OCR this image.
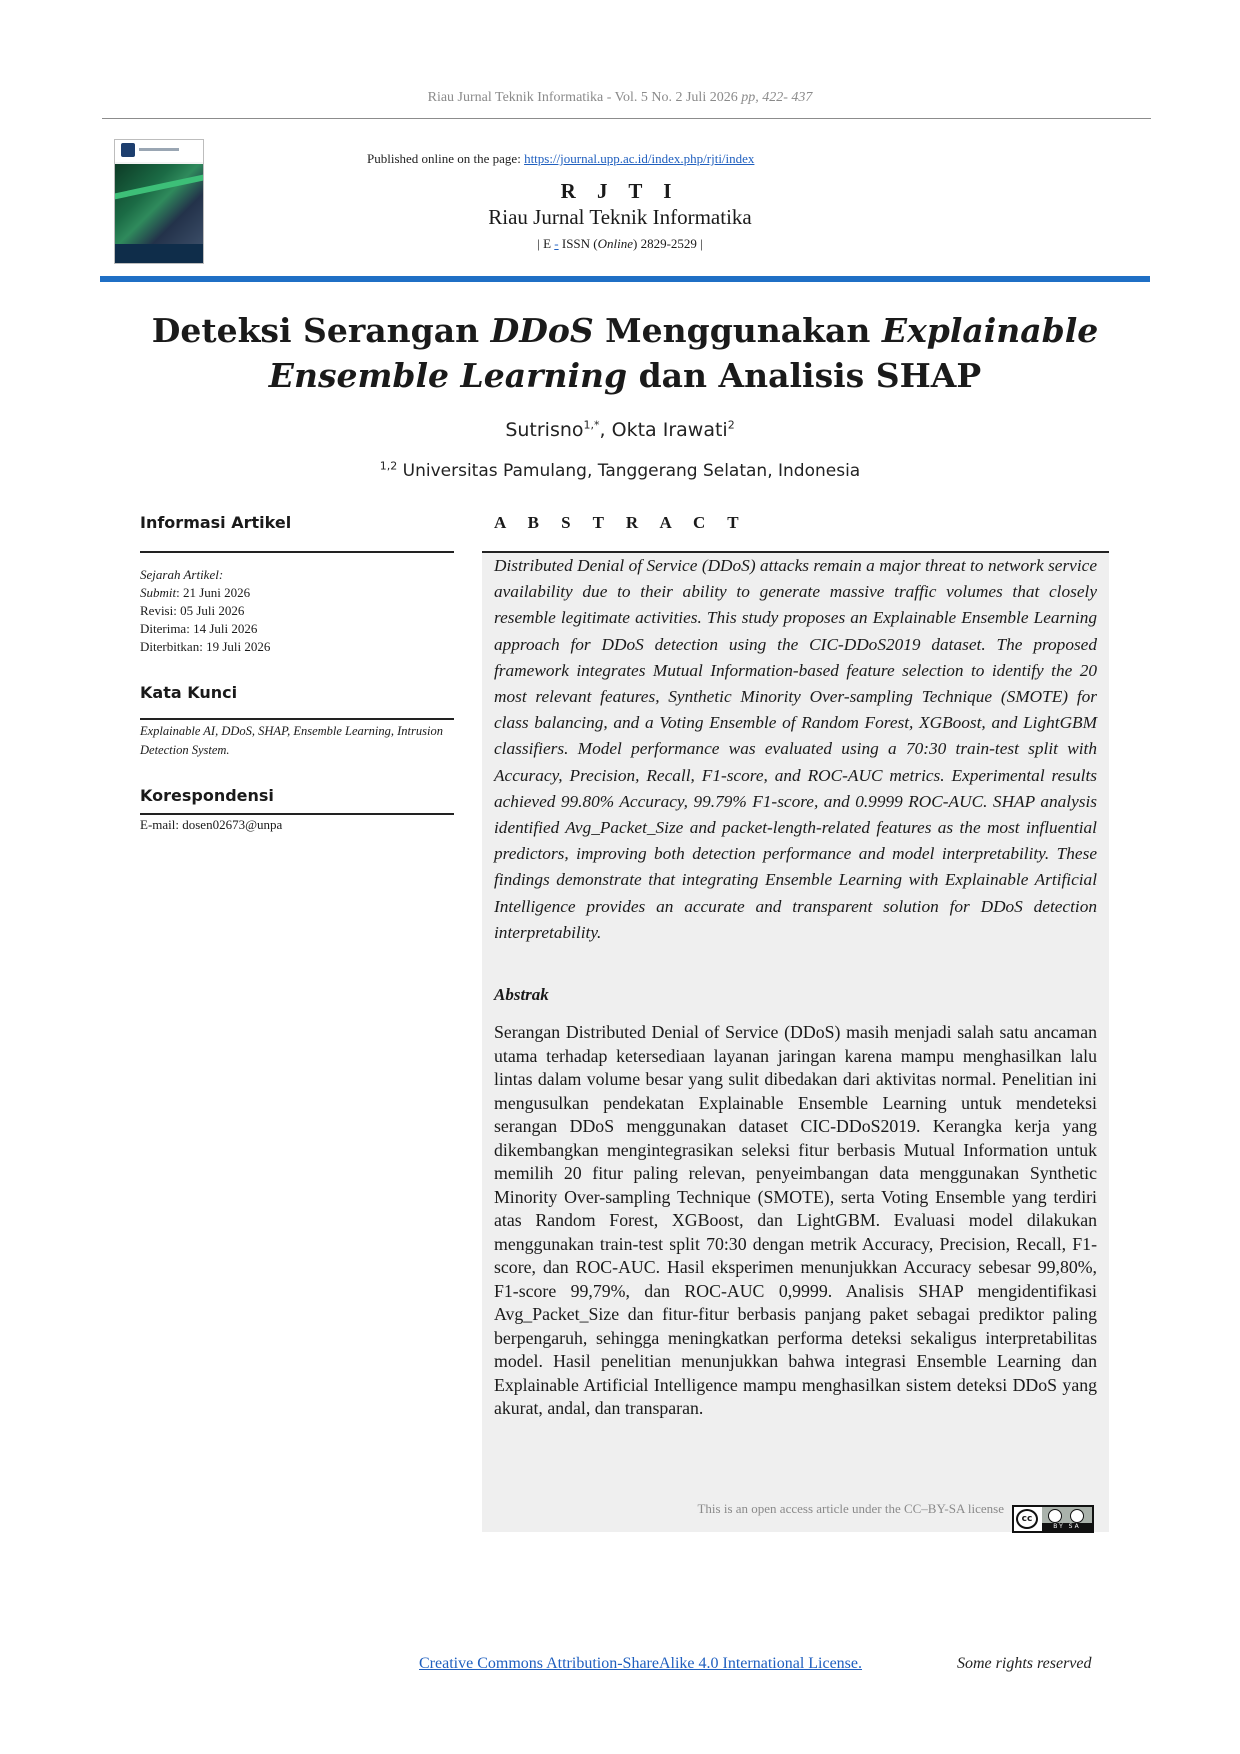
Riau Jurnal Teknik Informatika - Vol. 5 No. 2 Juli 2026 pp, 422- 437
Published online on the page: https://journal.upp.ac.id/index.php/rjti/index
R J T I
Riau Jurnal Teknik Informatika
| E - ISSN (Online) 2829-2529 |
Deteksi Serangan DDoS Menggunakan Explainable Ensemble Learning dan Analisis SHAP
Sutrisno$^{1,*}$, Okta Irawati$^2$
$^{1,2}$ Universitas Pamulang, Tanggerang Selatan, Indonesia
Informasi Artikel
Sejarah Artikel:
Submit: 21 Juni 2026
Revisi: 05 Juli 2026
Diterima: 14 Juli 2026
Diterbitkan: 19 Juli 2026
Kata Kunci
Explainable AI, DDoS, SHAP, Ensemble Learning, Intrusion Detection System.
Korespondensi
E-mail: dosen02673@unpa
A B S T R A C T
Distributed Denial of Service (DDoS) attacks remain a major threat to network service availability due to their ability to generate massive traffic volumes that closely resemble legitimate activities. This study proposes an Explainable Ensemble Learning approach for DDoS detection using the CIC-DDoS2019 dataset. The proposed framework integrates Mutual Information-based feature selection to identify the 20 most relevant features, Synthetic Minority Over-sampling Technique (SMOTE) for class balancing, and a Voting Ensemble of Random Forest, XGBoost, and LightGBM classifiers. Model performance was evaluated using a 70:30 train-test split with Accuracy, Precision, Recall, F1-score, and ROC-AUC metrics. Experimental results achieved 99.80% Accuracy, 99.79% F1-score, and 0.9999 ROC-AUC. SHAP analysis identified Avg_Packet_Size and packet-length-related features as the most influential predictors, improving both detection performance and model interpretability. These findings demonstrate that integrating Ensemble Learning with Explainable Artificial Intelligence provides an accurate and transparent solution for DDoS detection interpretability.
Abstrak
Serangan Distributed Denial of Service (DDoS) masih menjadi salah satu ancaman utama terhadap ketersediaan layanan jaringan karena mampu menghasilkan lalu lintas dalam volume besar yang sulit dibedakan dari aktivitas normal. Penelitian ini mengusulkan pendekatan Explainable Ensemble Learning untuk mendeteksi serangan DDoS menggunakan dataset CIC-DDoS2019. Kerangka kerja yang dikembangkan mengintegrasikan seleksi fitur berbasis Mutual Information untuk memilih 20 fitur paling relevan, penyeimbangan data menggunakan Synthetic Minority Over-sampling Technique (SMOTE), serta Voting Ensemble yang terdiri atas Random Forest, XGBoost, dan LightGBM. Evaluasi model dilakukan menggunakan train-test split 70:30 dengan metrik Accuracy, Precision, Recall, F1-score, dan ROC-AUC. Hasil eksperimen menunjukkan Accuracy sebesar 99,80%, F1-score 99,79%, dan ROC-AUC 0,9999. Analisis SHAP mengidentifikasi Avg_Packet_Size dan fitur-fitur berbasis panjang paket sebagai prediktor paling berpengaruh, sehingga meningkatkan performa deteksi sekaligus interpretabilitas model. Hasil penelitian menunjukkan bahwa integrasi Ensemble Learning dan Explainable Artificial Intelligence mampu menghasilkan sistem deteksi DDoS yang akurat, andal, dan transparan.
This is an open access article under the CC–BY-SA license
cc
BY SA
Creative Commons Attribution-ShareAlike 4.0 International License.	Some rights reserved
